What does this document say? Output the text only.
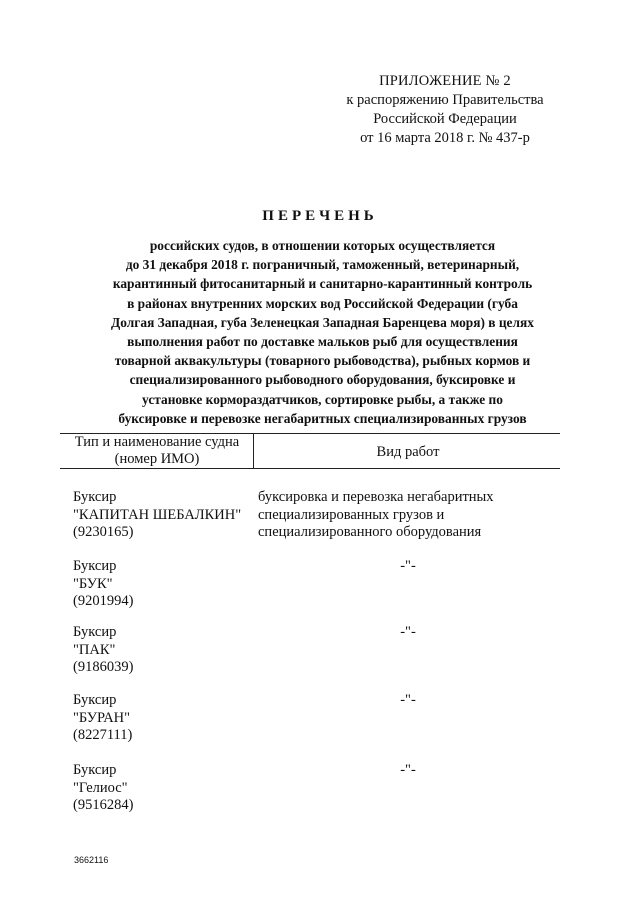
ПРИЛОЖЕНИЕ № 2
к распоряжению Правительства
Российской Федерации
от 16 марта 2018 г. № 437-р
ПЕРЕЧЕНЬ
российских судов, в отношении которых осуществляется
до 31 декабря 2018 г. пограничный, таможенный, ветеринарный,
карантинный фитосанитарный и санитарно-карантинный контроль
в районах внутренних морских вод Российской Федерации (губа
Долгая Западная, губа Зеленецкая Западная Баренцева моря) в целях
выполнения работ по доставке мальков рыб для осуществления
товарной аквакультуры (товарного рыбоводства), рыбных кормов и
специализированного рыбоводного оборудования, буксировке и
установке кормораздатчиков, сортировке рыбы, а также по
буксировке и перевозке негабаритных специализированных грузов
Тип и наименование судна
(номер ИМО)	Вид работ
Буксир
"КАПИТАН ШЕБАЛКИН"
(9230165)
буксировка и перевозка негабаритных
специализированных грузов и
специализированного оборудования
Буксир
"БУК"
(9201994)
-"-
Буксир
"ПАК"
(9186039)
-"-
Буксир
"БУРАН"
(8227111)
-"-
Буксир
"Гелиос"
(9516284)
-"-
3662116
